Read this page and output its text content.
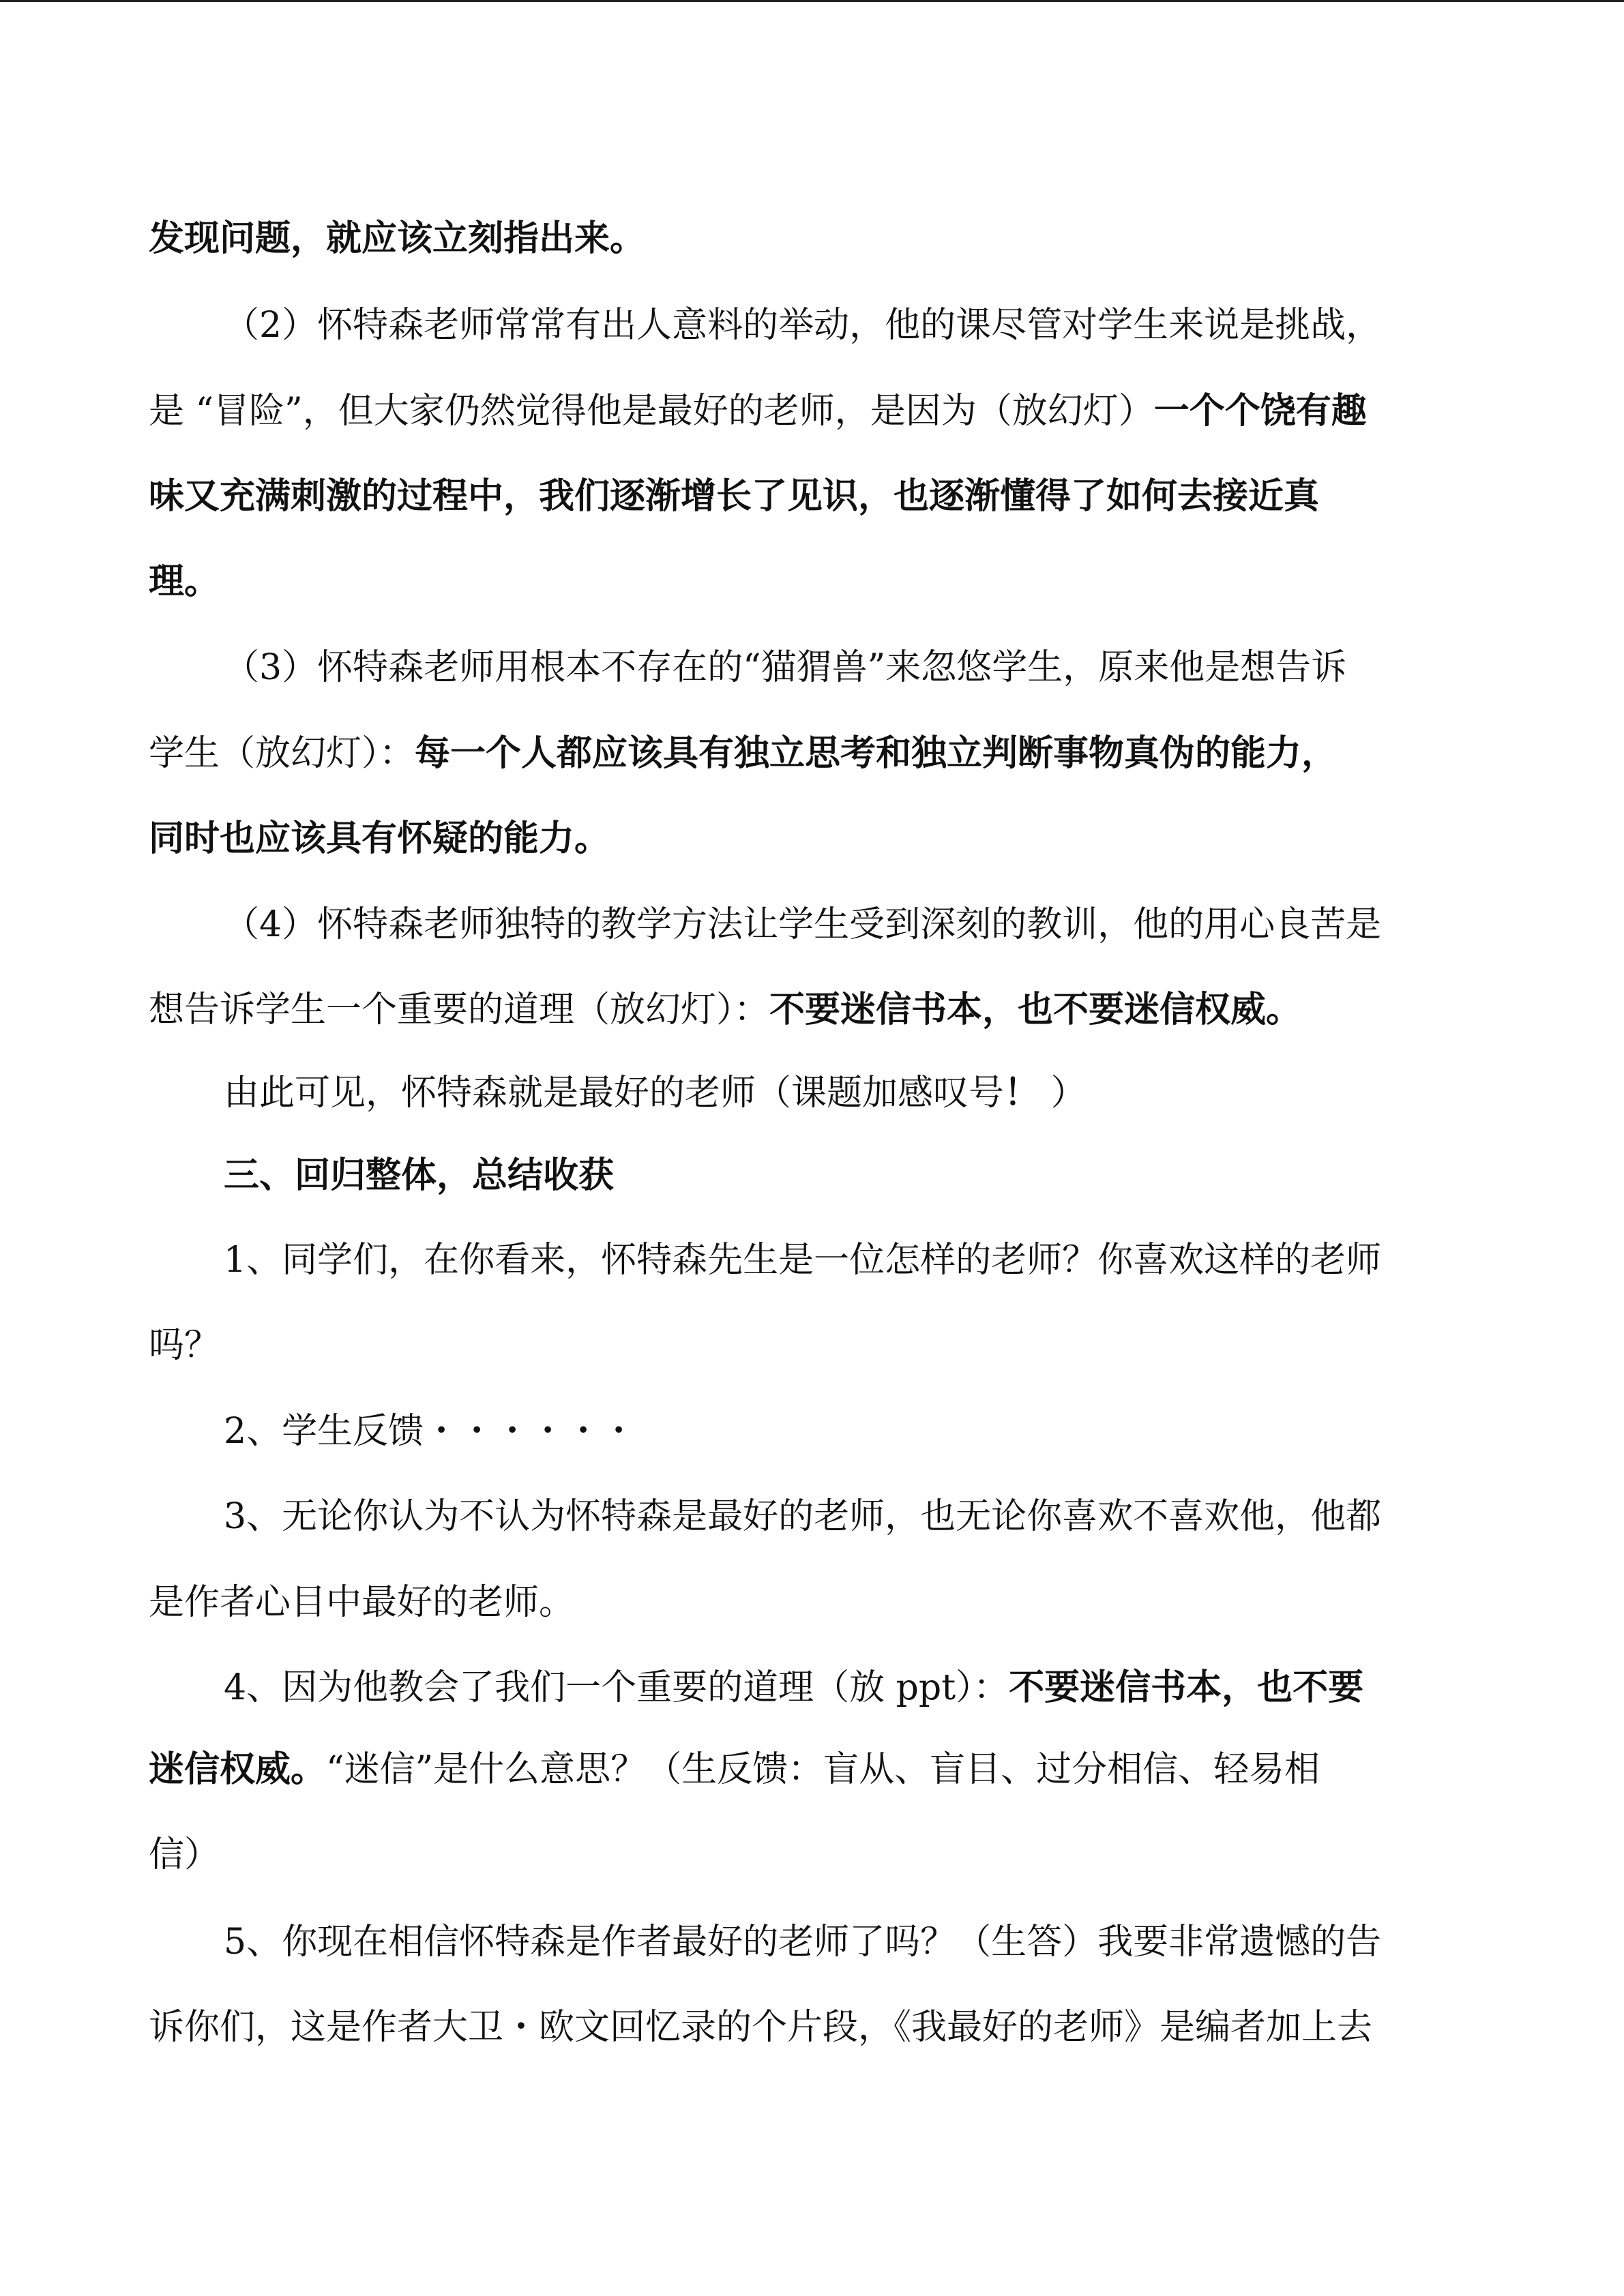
发现问题，就应该立刻指出来。
（2）怀特森老师常常有出人意料的举动，他的课尽管对学生来说是挑战，
是 “冒险”，但大家仍然觉得他是最好的老师，是因为（放幻灯）一个个饶有趣
味又充满刺激的过程中，我们逐渐增长了见识，也逐渐懂得了如何去接近真
理。
（3）怀特森老师用根本不存在的“猫猬兽”来忽悠学生，原来他是想告诉
学生（放幻灯）：每一个人都应该具有独立思考和独立判断事物真伪的能力，
同时也应该具有怀疑的能力。
（4）怀特森老师独特的教学方法让学生受到深刻的教训，他的用心良苦是
想告诉学生一个重要的道理（放幻灯）：不要迷信书本，也不要迷信权威。
由此可见，怀特森就是最好的老师（课题加感叹号！ ）
三、回归整体，总结收获
1、同学们，在你看来，怀特森先生是一位怎样的老师？你喜欢这样的老师
吗？
2、学生反馈・・・・・・
3、无论你认为不认为怀特森是最好的老师，也无论你喜欢不喜欢他，他都
是作者心目中最好的老师。
4、因为他教会了我们一个重要的道理（放 ppt）：不要迷信书本，也不要
迷信权威。“迷信”是什么意思？（生反馈：盲从、盲目、过分相信、轻易相
信）
5、你现在相信怀特森是作者最好的老师了吗？（生答）我要非常遗憾的告
诉你们，这是作者大卫・欧文回忆录的个片段，《我最好的老师》是编者加上去
